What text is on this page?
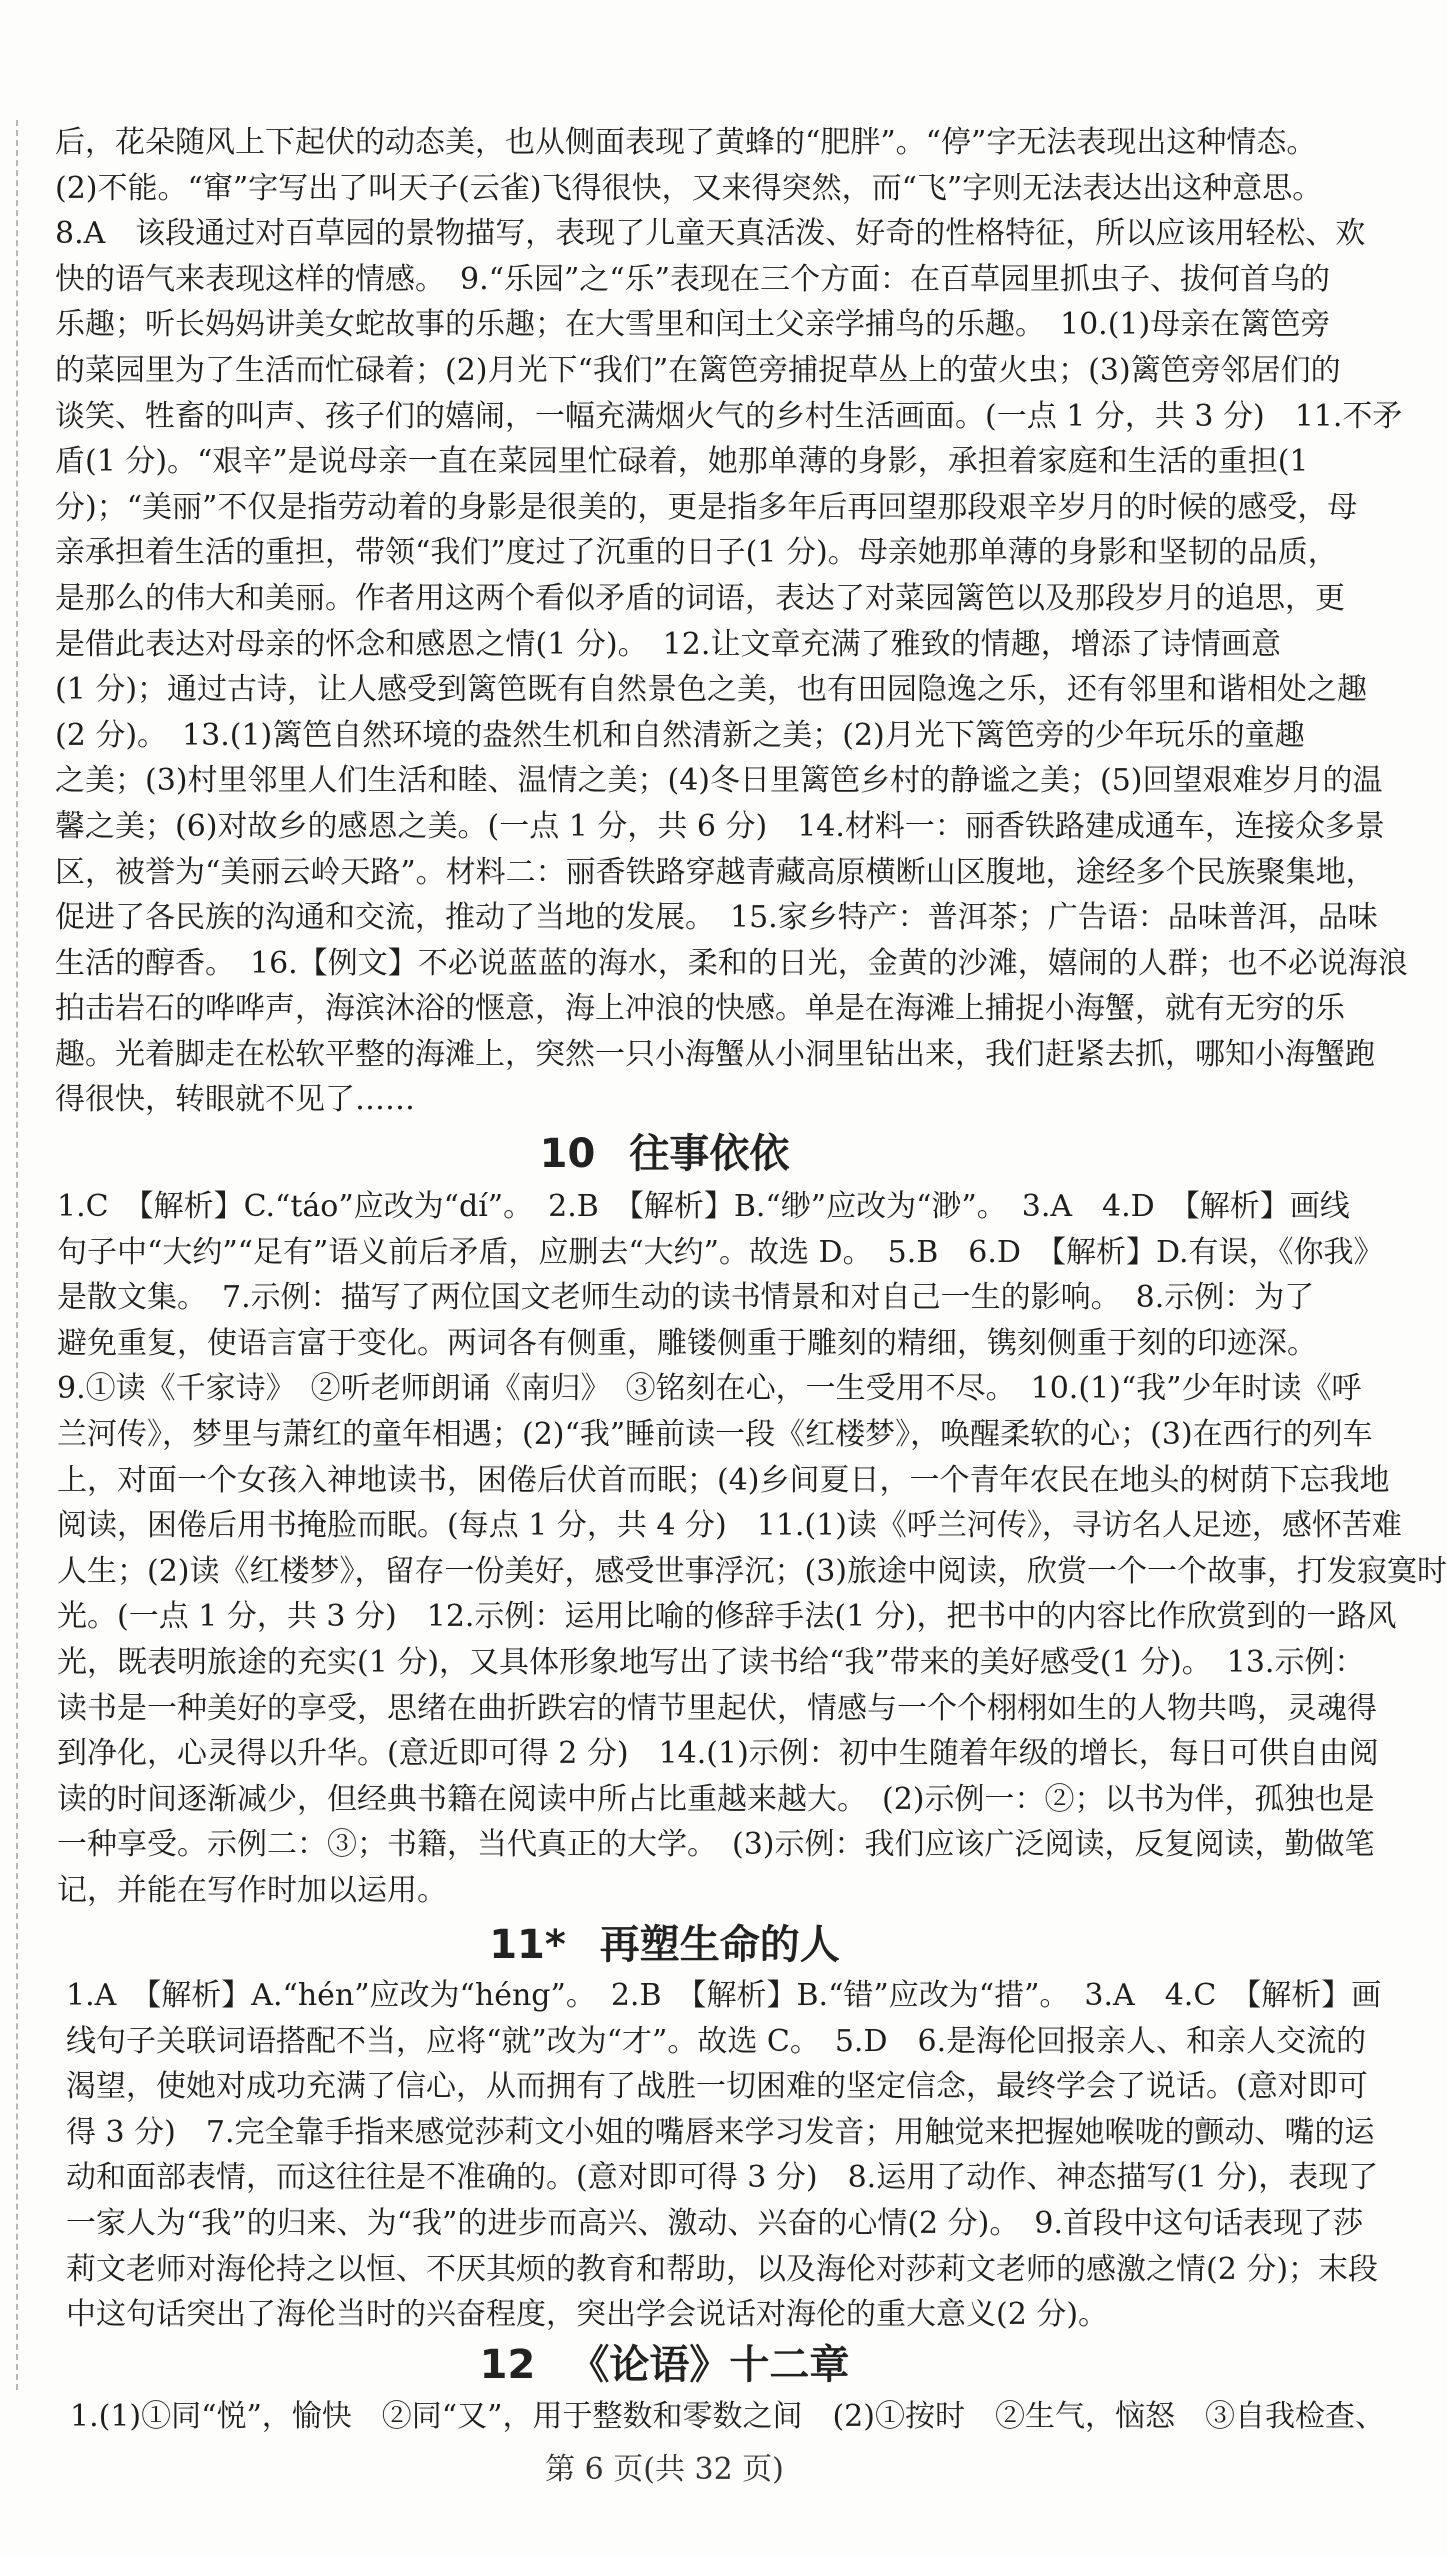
后，花朵随风上下起伏的动态美，也从侧面表现了黄蜂的“肥胖”。“停”字无法表现出这种情态。
(2)不能。“窜”字写出了叫天子(云雀)飞得很快，又来得突然，而“飞”字则无法表达出这种意思。
8.A　该段通过对百草园的景物描写，表现了儿童天真活泼、好奇的性格特征，所以应该用轻松、欢
快的语气来表现这样的情感。　9.“乐园”之“乐”表现在三个方面：在百草园里抓虫子、拔何首乌的
乐趣；听长妈妈讲美女蛇故事的乐趣；在大雪里和闰土父亲学捕鸟的乐趣。　10.(1)母亲在篱笆旁
的菜园里为了生活而忙碌着；(2)月光下“我们”在篱笆旁捕捉草丛上的萤火虫；(3)篱笆旁邻居们的
谈笑、牲畜的叫声、孩子们的嬉闹，一幅充满烟火气的乡村生活画面。(一点 1 分，共 3 分)　11.不矛
盾(1 分)。“艰辛”是说母亲一直在菜园里忙碌着，她那单薄的身影，承担着家庭和生活的重担(1
分)；“美丽”不仅是指劳动着的身影是很美的，更是指多年后再回望那段艰辛岁月的时候的感受，母
亲承担着生活的重担，带领“我们”度过了沉重的日子(1 分)。母亲她那单薄的身影和坚韧的品质，
是那么的伟大和美丽。作者用这两个看似矛盾的词语，表达了对菜园篱笆以及那段岁月的追思，更
是借此表达对母亲的怀念和感恩之情(1 分)。　12.让文章充满了雅致的情趣，增添了诗情画意
(1 分)；通过古诗，让人感受到篱笆既有自然景色之美，也有田园隐逸之乐，还有邻里和谐相处之趣
(2 分)。　13.(1)篱笆自然环境的盎然生机和自然清新之美；(2)月光下篱笆旁的少年玩乐的童趣
之美；(3)村里邻里人们生活和睦、温情之美；(4)冬日里篱笆乡村的静谧之美；(5)回望艰难岁月的温
馨之美；(6)对故乡的感恩之美。(一点 1 分，共 6 分)　14.材料一：丽香铁路建成通车，连接众多景
区，被誉为“美丽云岭天路”。材料二：丽香铁路穿越青藏高原横断山区腹地，途经多个民族聚集地，
促进了各民族的沟通和交流，推动了当地的发展。　15.家乡特产：普洱茶；广告语：品味普洱，品味
生活的醇香。　16.【例文】不必说蓝蓝的海水，柔和的日光，金黄的沙滩，嬉闹的人群；也不必说海浪
拍击岩石的哗哗声，海滨沐浴的惬意，海上冲浪的快感。单是在海滩上捕捉小海蟹，就有无穷的乐
趣。光着脚走在松软平整的海滩上，突然一只小海蟹从小洞里钻出来，我们赶紧去抓，哪知小海蟹跑
得很快，转眼就不见了……
10 往事依依
1.C　【解析】C.“táo”应改为“dí”。　2.B　【解析】B.“缈”应改为“渺”。　3.A　4.D　【解析】画线
句子中“大约”“足有”语义前后矛盾，应删去“大约”。故选 D。　5.B　6.D　【解析】D.有误，《你我》
是散文集。　7.示例：描写了两位国文老师生动的读书情景和对自己一生的影响。　8.示例：为了
避免重复，使语言富于变化。两词各有侧重，雕镂侧重于雕刻的精细，镌刻侧重于刻的印迹深。
9.①读《千家诗》　②听老师朗诵《南归》　③铭刻在心，一生受用不尽。　10.(1)“我”少年时读《呼
兰河传》，梦里与萧红的童年相遇；(2)“我”睡前读一段《红楼梦》，唤醒柔软的心；(3)在西行的列车
上，对面一个女孩入神地读书，困倦后伏首而眠；(4)乡间夏日，一个青年农民在地头的树荫下忘我地
阅读，困倦后用书掩脸而眠。(每点 1 分，共 4 分)　11.(1)读《呼兰河传》，寻访名人足迹，感怀苦难
人生；(2)读《红楼梦》，留存一份美好，感受世事浮沉；(3)旅途中阅读，欣赏一个一个故事，打发寂寞时
光。(一点 1 分，共 3 分)　12.示例：运用比喻的修辞手法(1 分)，把书中的内容比作欣赏到的一路风
光，既表明旅途的充实(1 分)，又具体形象地写出了读书给“我”带来的美好感受(1 分)。　13.示例：
读书是一种美好的享受，思绪在曲折跌宕的情节里起伏，情感与一个个栩栩如生的人物共鸣，灵魂得
到净化，心灵得以升华。(意近即可得 2 分)　14.(1)示例：初中生随着年级的增长，每日可供自由阅
读的时间逐渐减少，但经典书籍在阅读中所占比重越来越大。　(2)示例一：②；以书为伴，孤独也是
一种享受。示例二：③；书籍，当代真正的大学。　(3)示例：我们应该广泛阅读，反复阅读，勤做笔
记，并能在写作时加以运用。
11* 再塑生命的人
1.A　【解析】A.“hén”应改为“héng”。　2.B　【解析】B.“错”应改为“措”。　3.A　4.C　【解析】画
线句子关联词语搭配不当，应将“就”改为“才”。故选 C。　5.D　6.是海伦回报亲人、和亲人交流的
渴望，使她对成功充满了信心，从而拥有了战胜一切困难的坚定信念，最终学会了说话。(意对即可
得 3 分)　7.完全靠手指来感觉莎莉文小姐的嘴唇来学习发音；用触觉来把握她喉咙的颤动、嘴的运
动和面部表情，而这往往是不准确的。(意对即可得 3 分)　8.运用了动作、神态描写(1 分)，表现了
一家人为“我”的归来、为“我”的进步而高兴、激动、兴奋的心情(2 分)。　9.首段中这句话表现了莎
莉文老师对海伦持之以恒、不厌其烦的教育和帮助，以及海伦对莎莉文老师的感激之情(2 分)；末段
中这句话突出了海伦当时的兴奋程度，突出学会说话对海伦的重大意义(2 分)。
12 《论语》十二章
1.(1)①同“悦”，愉快　②同“又”，用于整数和零数之间　(2)①按时　②生气，恼怒　③自我检查、
第 6 页(共 32 页)
